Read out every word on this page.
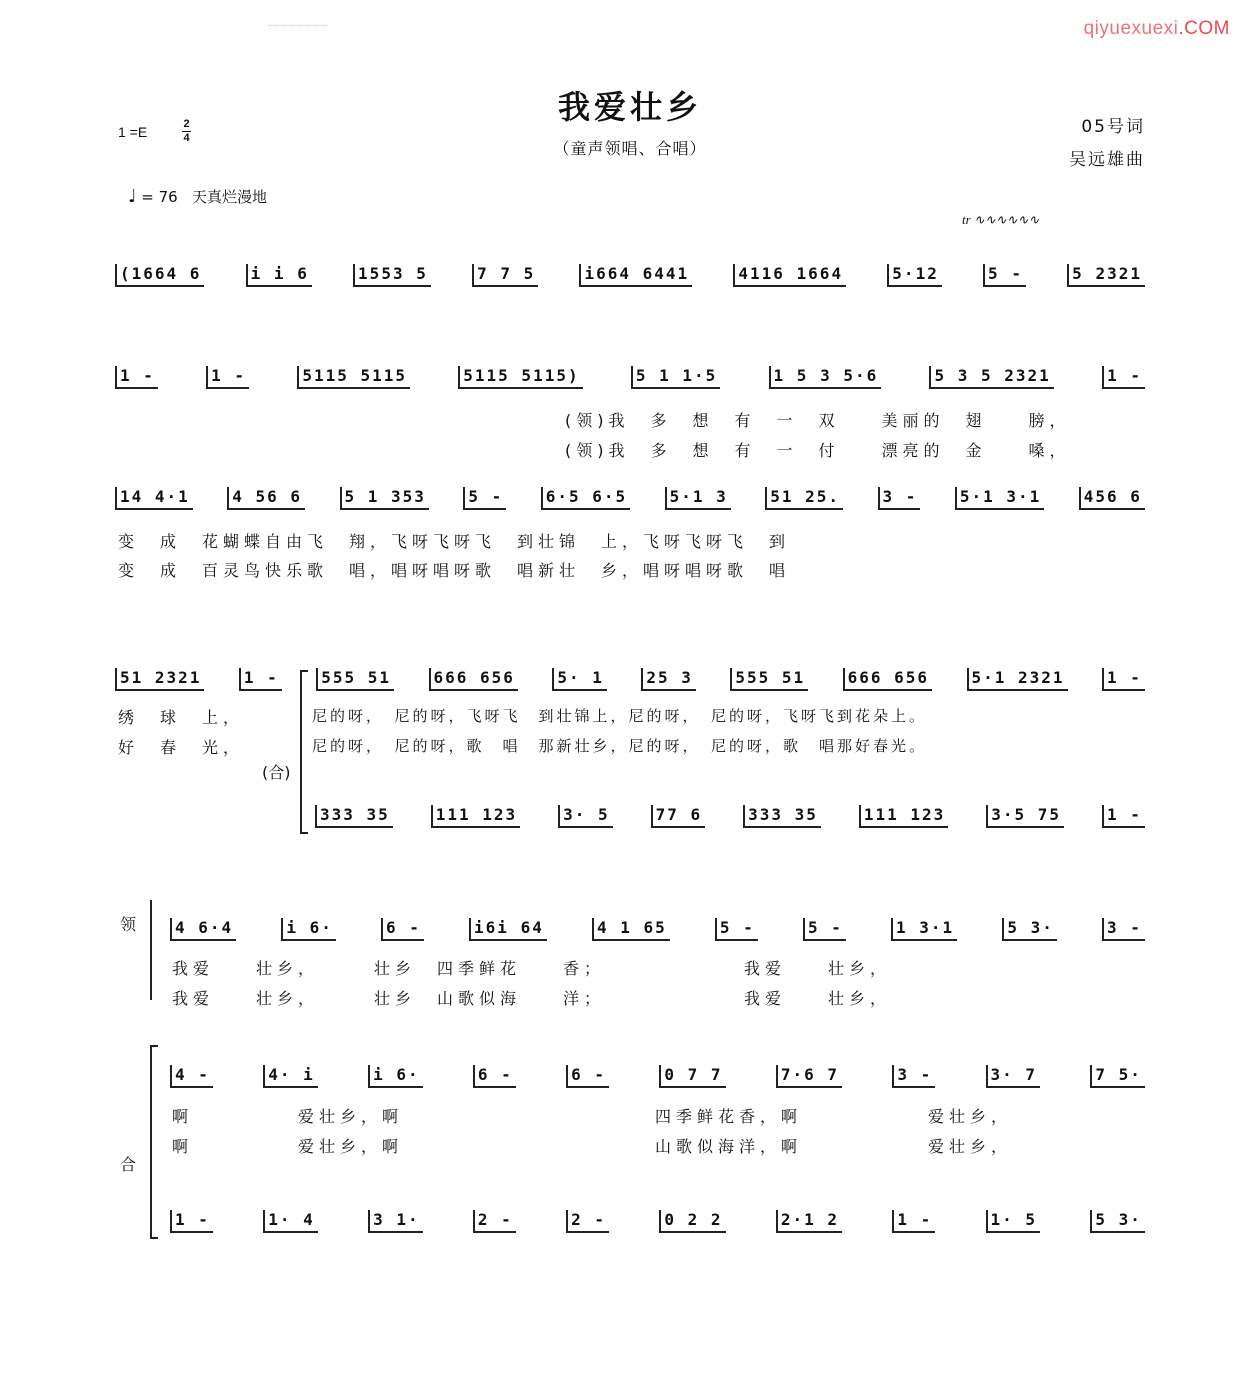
qiyuexuexi.COM
我爱壮乡
（童声领唱、合唱）
05号词
吴远雄曲
1 =E	2
4
♩ = 76 天真烂漫地
tr ∿∿∿∿∿∿
(1664 6	i i 6	1553 5	7 7 5	i664 6441	4116 1664	5·12	5 -	5 2321
1 -	1 -	5115 5115	5115 5115)	5 1 1·5	1 5 3 5·6	5 3 5 2321	1 -
(领)我　多　想　有　一　双　　美丽的　翅　　膀，
(领)我　多　想　有　一　付　　漂亮的　金　　嗓，
14 4·1	4 56 6	5 1 353	5 -	6·5 6·5	5·1 3	51 25.	3 -	5·1 3·1	456 6
变　成　花蝴蝶自由飞　翔，飞呀飞呀飞　到壮锦　上，飞呀飞呀飞　到
变　成　百灵鸟快乐歌　唱，唱呀唱呀歌　唱新壮　乡，唱呀唱呀歌　唱
51 2321	1 -	555 51	666 656	5· 1	25 3	555 51	666 656	5·1 2321	1 -
绣　球　上，
好　春　光，
尼的呀，　尼的呀，飞呀飞　到壮锦上，尼的呀，　尼的呀，飞呀飞到花朵上。
尼的呀，　尼的呀，歌　唱　那新壮乡，尼的呀，　尼的呀，歌　唱那好春光。
(合)
333 35	111 123	3· 5	77 6	333 35	111 123	3·5 75	1 -
领	4 6·4	i 6·	6 -	i6i 64	4 1 65	5 -	5 -	1 3·1	5 3·	3 -
我爱　　壮乡，　　　壮乡　四季鲜花　　香；　　　　　　　我爱　　壮乡，
我爱　　壮乡，　　　壮乡　山歌似海　　洋；　　　　　　　我爱　　壮乡，
合
4 -	4· i	i 6·	6 -	6 -	0 7 7	7·6 7	3 -	3· 7	7 5·
啊　　　　　爱壮乡，啊　　　　　　　　　　　　四季鲜花香，啊　　　　　　爱壮乡，
啊　　　　　爱壮乡，啊　　　　　　　　　　　　山歌似海洋，啊　　　　　　爱壮乡，
1 -	1· 4	3 1·	2 -	2 -	0 2 2	2·1 2	1 -	1· 5	5 3·
